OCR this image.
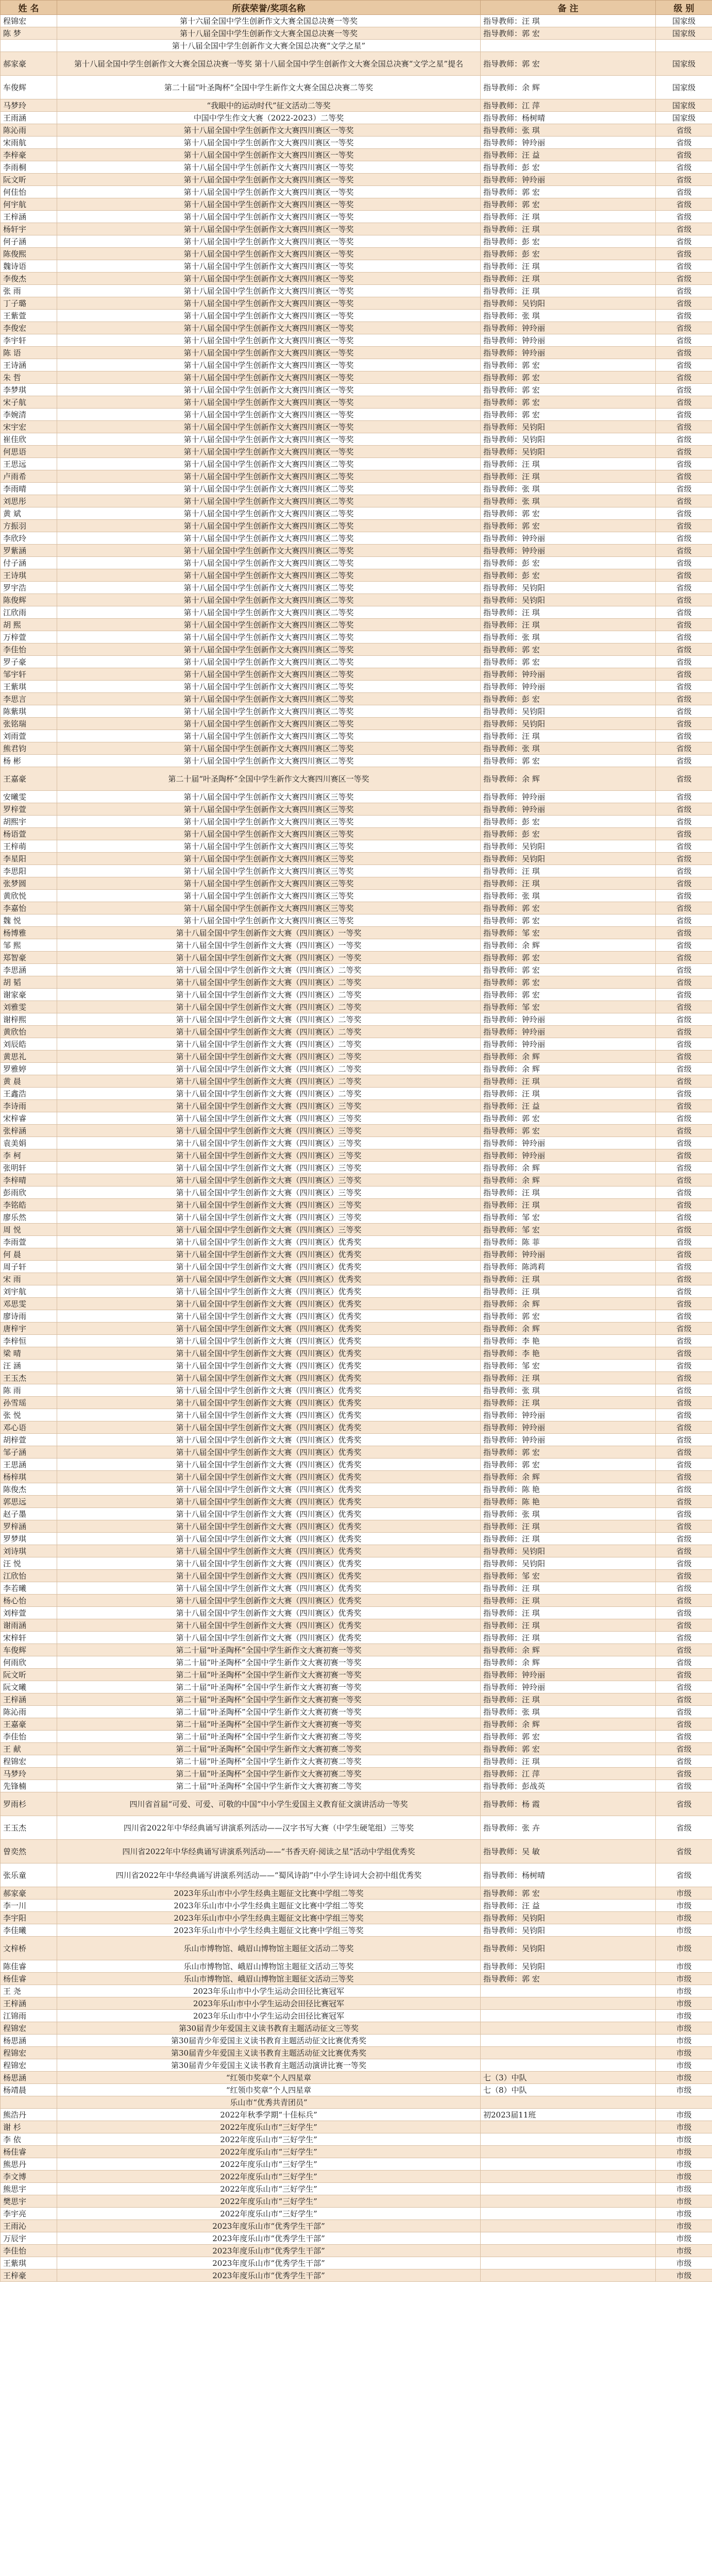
姓 名	所获荣誉/奖项名称	备 注	级 别
程锦宏	第十六届全国中学生创新作文大赛全国总决赛一等奖	指导教师：汪 琪	国家级
陈 梦	第十八届全国中学生创新作文大赛全国总决赛一等奖	指导教师：郭 宏	国家级
	第十八届全国中学生创新作文大赛全国总决赛“文学之星”		
郝家豪	第十八届全国中学生创新作文大赛全国总决赛一等奖 第十八届全国中学生创新作文大赛全国总决赛“文学之星”提名	指导教师：郭 宏	国家级
车俊辉	第二十届“叶圣陶杯”全国中学生新作文大赛全国总决赛二等奖	指导教师：余 辉	国家级
马梦玲	“我眼中的运动时代”征文活动二等奖	指导教师：江 萍	国家级
王雨涵	中国中学生作文大赛（2022-2023）二等奖	指导教师：杨树晴	国家级
陈沁雨	第十八届全国中学生创新作文大赛四川赛区一等奖	指导教师：张 琪	省级
宋雨航	第十八届全国中学生创新作文大赛四川赛区一等奖	指导教师：钟玲丽	省级
李梓豪	第十八届全国中学生创新作文大赛四川赛区一等奖	指导教师：汪 益	省级
李雨桐	第十八届全国中学生创新作文大赛四川赛区一等奖	指导教师：彭 宏	省级
阮文昕	第十八届全国中学生创新作文大赛四川赛区一等奖	指导教师：钟玲丽	省级
何佳怡	第十八届全国中学生创新作文大赛四川赛区一等奖	指导教师：郭 宏	省级
何宇航	第十八届全国中学生创新作文大赛四川赛区一等奖	指导教师：郭 宏	省级
王梓涵	第十八届全国中学生创新作文大赛四川赛区一等奖	指导教师：汪 琪	省级
杨轩宇	第十八届全国中学生创新作文大赛四川赛区一等奖	指导教师：汪 琪	省级
何子涵	第十八届全国中学生创新作文大赛四川赛区一等奖	指导教师：彭 宏	省级
陈俊熙	第十八届全国中学生创新作文大赛四川赛区一等奖	指导教师：彭 宏	省级
魏诗语	第十八届全国中学生创新作文大赛四川赛区一等奖	指导教师：汪 琪	省级
李俊杰	第十八届全国中学生创新作文大赛四川赛区一等奖	指导教师：汪 琪	省级
张 雨	第十八届全国中学生创新作文大赛四川赛区一等奖	指导教师：汪 琪	省级
丁子璐	第十八届全国中学生创新作文大赛四川赛区一等奖	指导教师：吴钧阳	省级
王紫萱	第十八届全国中学生创新作文大赛四川赛区一等奖	指导教师：张 琪	省级
李俊宏	第十八届全国中学生创新作文大赛四川赛区一等奖	指导教师：钟玲丽	省级
李宇轩	第十八届全国中学生创新作文大赛四川赛区一等奖	指导教师：钟玲丽	省级
陈 语	第十八届全国中学生创新作文大赛四川赛区一等奖	指导教师：钟玲丽	省级
王诗涵	第十八届全国中学生创新作文大赛四川赛区一等奖	指导教师：郭 宏	省级
朱 哲	第十八届全国中学生创新作文大赛四川赛区一等奖	指导教师：郭 宏	省级
李梦琪	第十八届全国中学生创新作文大赛四川赛区一等奖	指导教师：郭 宏	省级
宋子航	第十八届全国中学生创新作文大赛四川赛区一等奖	指导教师：郭 宏	省级
李婉清	第十八届全国中学生创新作文大赛四川赛区一等奖	指导教师：郭 宏	省级
宋宇宏	第十八届全国中学生创新作文大赛四川赛区一等奖	指导教师：吴钧阳	省级
崔佳欣	第十八届全国中学生创新作文大赛四川赛区一等奖	指导教师：吴钧阳	省级
何思语	第十八届全国中学生创新作文大赛四川赛区一等奖	指导教师：吴钧阳	省级
王思远	第十八届全国中学生创新作文大赛四川赛区二等奖	指导教师：汪 琪	省级
卢雨希	第十八届全国中学生创新作文大赛四川赛区二等奖	指导教师：汪 琪	省级
李雨晴	第十八届全国中学生创新作文大赛四川赛区二等奖	指导教师：张 琪	省级
刘思彤	第十八届全国中学生创新作文大赛四川赛区二等奖	指导教师：张 琪	省级
黄 斌	第十八届全国中学生创新作文大赛四川赛区二等奖	指导教师：郭 宏	省级
方振羽	第十八届全国中学生创新作文大赛四川赛区二等奖	指导教师：郭 宏	省级
李欣玲	第十八届全国中学生创新作文大赛四川赛区二等奖	指导教师：钟玲丽	省级
罗紫涵	第十八届全国中学生创新作文大赛四川赛区二等奖	指导教师：钟玲丽	省级
付子涵	第十八届全国中学生创新作文大赛四川赛区二等奖	指导教师：彭 宏	省级
王诗琪	第十八届全国中学生创新作文大赛四川赛区二等奖	指导教师：彭 宏	省级
罗宇浩	第十八届全国中学生创新作文大赛四川赛区二等奖	指导教师：吴钧阳	省级
陈俊辉	第十八届全国中学生创新作文大赛四川赛区二等奖	指导教师：吴钧阳	省级
江欣雨	第十八届全国中学生创新作文大赛四川赛区二等奖	指导教师：汪 琪	省级
胡 熙	第十八届全国中学生创新作文大赛四川赛区二等奖	指导教师：汪 琪	省级
万梓萱	第十八届全国中学生创新作文大赛四川赛区二等奖	指导教师：张 琪	省级
李佳怡	第十八届全国中学生创新作文大赛四川赛区二等奖	指导教师：郭 宏	省级
罗子豪	第十八届全国中学生创新作文大赛四川赛区二等奖	指导教师：郭 宏	省级
邹宇轩	第十八届全国中学生创新作文大赛四川赛区二等奖	指导教师：钟玲丽	省级
王紫琪	第十八届全国中学生创新作文大赛四川赛区二等奖	指导教师：钟玲丽	省级
李思言	第十八届全国中学生创新作文大赛四川赛区二等奖	指导教师：彭 宏	省级
陈紫琪	第十八届全国中学生创新作文大赛四川赛区二等奖	指导教师：吴钧阳	省级
张铭瑞	第十八届全国中学生创新作文大赛四川赛区二等奖	指导教师：吴钧阳	省级
刘雨萱	第十八届全国中学生创新作文大赛四川赛区二等奖	指导教师：汪 琪	省级
熊君钧	第十八届全国中学生创新作文大赛四川赛区二等奖	指导教师：张 琪	省级
杨 彬	第十八届全国中学生创新作文大赛四川赛区二等奖	指导教师：郭 宏	省级
王嘉豪	第二十届“叶圣陶杯”全国中学生新作文大赛四川赛区一等奖	指导教师：余 辉	省级
安曦雯	第十八届全国中学生创新作文大赛四川赛区三等奖	指导教师：钟玲丽	省级
罗梓萱	第十八届全国中学生创新作文大赛四川赛区三等奖	指导教师：钟玲丽	省级
胡熙宇	第十八届全国中学生创新作文大赛四川赛区三等奖	指导教师：彭 宏	省级
杨语萱	第十八届全国中学生创新作文大赛四川赛区三等奖	指导教师：彭 宏	省级
王梓萌	第十八届全国中学生创新作文大赛四川赛区三等奖	指导教师：吴钧阳	省级
李星阳	第十八届全国中学生创新作文大赛四川赛区三等奖	指导教师：吴钧阳	省级
李思阳	第十八届全国中学生创新作文大赛四川赛区三等奖	指导教师：汪 琪	省级
张梦圆	第十八届全国中学生创新作文大赛四川赛区三等奖	指导教师：汪 琪	省级
黄欣悦	第十八届全国中学生创新作文大赛四川赛区三等奖	指导教师：张 琪	省级
李嘉怡	第十八届全国中学生创新作文大赛四川赛区三等奖	指导教师：郭 宏	省级
魏 悦	第十八届全国中学生创新作文大赛四川赛区三等奖	指导教师：郭 宏	省级
杨博雅	第十八届全国中学生创新作文大赛（四川赛区）一等奖	指导教师：邹 宏	省级
邹 熙	第十八届全国中学生创新作文大赛（四川赛区）一等奖	指导教师：余 辉	省级
郑智豪	第十八届全国中学生创新作文大赛（四川赛区）一等奖	指导教师：郭 宏	省级
李思涵	第十八届全国中学生创新作文大赛（四川赛区）二等奖	指导教师：郭 宏	省级
胡 韬	第十八届全国中学生创新作文大赛（四川赛区）二等奖	指导教师：郭 宏	省级
谢家豪	第十八届全国中学生创新作文大赛（四川赛区）二等奖	指导教师：郭 宏	省级
刘雅雯	第十八届全国中学生创新作文大赛（四川赛区）二等奖	指导教师：邹 宏	省级
谢梓熙	第十八届全国中学生创新作文大赛（四川赛区）二等奖	指导教师：钟玲丽	省级
黄欣怡	第十八届全国中学生创新作文大赛（四川赛区）二等奖	指导教师：钟玲丽	省级
刘辰皓	第十八届全国中学生创新作文大赛（四川赛区）二等奖	指导教师：钟玲丽	省级
黄思礼	第十八届全国中学生创新作文大赛（四川赛区）二等奖	指导教师：余 辉	省级
罗雅婷	第十八届全国中学生创新作文大赛（四川赛区）二等奖	指导教师：余 辉	省级
黄 晨	第十八届全国中学生创新作文大赛（四川赛区）二等奖	指导教师：汪 琪	省级
王鑫浩	第十八届全国中学生创新作文大赛（四川赛区）二等奖	指导教师：汪 琪	省级
李诗雨	第十八届全国中学生创新作文大赛（四川赛区）三等奖	指导教师：汪 益	省级
宋梓睿	第十八届全国中学生创新作文大赛（四川赛区）三等奖	指导教师：郭 宏	省级
张梓涵	第十八届全国中学生创新作文大赛（四川赛区）三等奖	指导教师：郭 宏	省级
袁美娟	第十八届全国中学生创新作文大赛（四川赛区）三等奖	指导教师：钟玲丽	省级
李 柯	第十八届全国中学生创新作文大赛（四川赛区）三等奖	指导教师：钟玲丽	省级
张明轩	第十八届全国中学生创新作文大赛（四川赛区）三等奖	指导教师：余 辉	省级
李梓晴	第十八届全国中学生创新作文大赛（四川赛区）三等奖	指导教师：余 辉	省级
彭雨欣	第十八届全国中学生创新作文大赛（四川赛区）三等奖	指导教师：汪 琪	省级
李铭皓	第十八届全国中学生创新作文大赛（四川赛区）三等奖	指导教师：汪 琪	省级
廖乐然	第十八届全国中学生创新作文大赛（四川赛区）三等奖	指导教师：邹 宏	省级
周 悦	第十八届全国中学生创新作文大赛（四川赛区）三等奖	指导教师：邹 宏	省级
李雨萱	第十八届全国中学生创新作文大赛（四川赛区）优秀奖	指导教师：陈 菲	省级
何 晨	第十八届全国中学生创新作文大赛（四川赛区）优秀奖	指导教师：钟玲丽	省级
周子轩	第十八届全国中学生创新作文大赛（四川赛区）优秀奖	指导教师：陈鸿莉	省级
宋 雨	第十八届全国中学生创新作文大赛（四川赛区）优秀奖	指导教师：汪 琪	省级
刘宇航	第十八届全国中学生创新作文大赛（四川赛区）优秀奖	指导教师：汪 琪	省级
邓思雯	第十八届全国中学生创新作文大赛（四川赛区）优秀奖	指导教师：余 辉	省级
廖诗雨	第十八届全国中学生创新作文大赛（四川赛区）优秀奖	指导教师：郭 宏	省级
唐梓宇	第十八届全国中学生创新作文大赛（四川赛区）优秀奖	指导教师：余 辉	省级
李梓恒	第十八届全国中学生创新作文大赛（四川赛区）优秀奖	指导教师：李 艳	省级
梁 晴	第十八届全国中学生创新作文大赛（四川赛区）优秀奖	指导教师：李 艳	省级
汪 涵	第十八届全国中学生创新作文大赛（四川赛区）优秀奖	指导教师：邹 宏	省级
王玉杰	第十八届全国中学生创新作文大赛（四川赛区）优秀奖	指导教师：汪 琪	省级
陈 雨	第十八届全国中学生创新作文大赛（四川赛区）优秀奖	指导教师：张 琪	省级
孙雪瑶	第十八届全国中学生创新作文大赛（四川赛区）优秀奖	指导教师：汪 琪	省级
张 悦	第十八届全国中学生创新作文大赛（四川赛区）优秀奖	指导教师：钟玲丽	省级
邓心语	第十八届全国中学生创新作文大赛（四川赛区）优秀奖	指导教师：钟玲丽	省级
胡梓萱	第十八届全国中学生创新作文大赛（四川赛区）优秀奖	指导教师：钟玲丽	省级
邹子涵	第十八届全国中学生创新作文大赛（四川赛区）优秀奖	指导教师：郭 宏	省级
王思涵	第十八届全国中学生创新作文大赛（四川赛区）优秀奖	指导教师：郭 宏	省级
杨梓琪	第十八届全国中学生创新作文大赛（四川赛区）优秀奖	指导教师：余 辉	省级
陈俊杰	第十八届全国中学生创新作文大赛（四川赛区）优秀奖	指导教师：陈 艳	省级
郭思远	第十八届全国中学生创新作文大赛（四川赛区）优秀奖	指导教师：陈 艳	省级
赵子墨	第十八届全国中学生创新作文大赛（四川赛区）优秀奖	指导教师：张 琪	省级
罗梓涵	第十八届全国中学生创新作文大赛（四川赛区）优秀奖	指导教师：汪 琪	省级
罗梦琪	第十八届全国中学生创新作文大赛（四川赛区）优秀奖	指导教师：汪 琪	省级
刘诗琪	第十八届全国中学生创新作文大赛（四川赛区）优秀奖	指导教师：吴钧阳	省级
汪 悦	第十八届全国中学生创新作文大赛（四川赛区）优秀奖	指导教师：吴钧阳	省级
江欣怡	第十八届全国中学生创新作文大赛（四川赛区）优秀奖	指导教师：邹 宏	省级
李若曦	第十八届全国中学生创新作文大赛（四川赛区）优秀奖	指导教师：汪 琪	省级
杨心怡	第十八届全国中学生创新作文大赛（四川赛区）优秀奖	指导教师：汪 琪	省级
刘梓萱	第十八届全国中学生创新作文大赛（四川赛区）优秀奖	指导教师：汪 琪	省级
谢雨涵	第十八届全国中学生创新作文大赛（四川赛区）优秀奖	指导教师：汪 琪	省级
宋梓轩	第十八届全国中学生创新作文大赛（四川赛区）优秀奖	指导教师：汪 琪	省级
车俊辉	第二十届“叶圣陶杯”全国中学生新作文大赛初赛一等奖	指导教师：余 辉	省级
何雨欣	第二十届“叶圣陶杯”全国中学生新作文大赛初赛一等奖	指导教师：余 辉	省级
阮文昕	第二十届“叶圣陶杯”全国中学生新作文大赛初赛一等奖	指导教师：钟玲丽	省级
阮文曦	第二十届“叶圣陶杯”全国中学生新作文大赛初赛一等奖	指导教师：钟玲丽	省级
王梓涵	第二十届“叶圣陶杯”全国中学生新作文大赛初赛一等奖	指导教师：汪 琪	省级
陈沁雨	第二十届“叶圣陶杯”全国中学生新作文大赛初赛一等奖	指导教师：张 琪	省级
王嘉豪	第二十届“叶圣陶杯”全国中学生新作文大赛初赛一等奖	指导教师：余 辉	省级
李佳怡	第二十届“叶圣陶杯”全国中学生新作文大赛初赛二等奖	指导教师：郭 宏	省级
王 献	第二十届“叶圣陶杯”全国中学生新作文大赛初赛二等奖	指导教师：郭 宏	省级
程锦宏	第二十届“叶圣陶杯”全国中学生新作文大赛初赛二等奖	指导教师：汪 琪	省级
马梦玲	第二十届“叶圣陶杯”全国中学生新作文大赛初赛二等奖	指导教师：江 萍	省级
先锋楠	第二十届“叶圣陶杯”全国中学生新作文大赛初赛二等奖	指导教师：彭战英	省级
罗雨杉	四川省首届“可爱、可爱、可敬的中国”中小学生爱国主义教育征文演讲活动一等奖	指导教师：杨 霞	省级
王玉杰	四川省2022年中华经典诵写讲演系列活动——汉字书写大赛（中学生硬笔组）三等奖	指导教师：张 卉	省级
曾奕然	四川省2022年中华经典诵写讲演系列活动——“书香天府·阅读之星”活动中学组优秀奖	指导教师：吴 敏	省级
张乐童	四川省2022年中华经典诵写讲演系列活动——“蜀风诗韵”中小学生诗词大会初中组优秀奖	指导教师：杨树晴	省级
郝家豪	2023年乐山市中小学生经典主题征文比赛中学组二等奖	指导教师：郭 宏	市级
李一川	2023年乐山市中小学生经典主题征文比赛中学组二等奖	指导教师：汪 益	市级
李宇阳	2023年乐山市中小学生经典主题征文比赛中学组三等奖	指导教师：吴钧阳	市级
李佳曦	2023年乐山市中小学生经典主题征文比赛中学组三等奖	指导教师：吴钧阳	市级
文梓桥	乐山市博物馆、峨眉山博物馆主题征文活动二等奖	指导教师：吴钧阳	市级
陈佳睿	乐山市博物馆、峨眉山博物馆主题征文活动三等奖	指导教师：吴钧阳	市级
杨佳睿	乐山市博物馆、峨眉山博物馆主题征文活动三等奖	指导教师：郭 宏	市级
王 尧	2023年乐山市中小学生运动会田径比赛冠军		市级
王梓涵	2023年乐山市中小学生运动会田径比赛冠军		市级
江锦雨	2023年乐山市中小学生运动会田径比赛冠军		市级
程锦宏	第30届青少年爱国主义读书教育主题活动征文三等奖		市级
杨思涵	第30届青少年爱国主义读书教育主题活动征文比赛优秀奖		市级
程锦宏	第30届青少年爱国主义读书教育主题活动征文比赛优秀奖		市级
程锦宏	第30届青少年爱国主义读书教育主题活动演讲比赛一等奖		市级
杨思涵	“红领巾奖章”个人四星章	七（3）中队	市级
杨靖晨	“红领巾奖章”个人四星章	七（8）中队	市级
	乐山市“优秀共青团员”		
熊浩丹	2022年秋季学期“十佳标兵”	初2023届11班	市级
谢 杉	2022年度乐山市“三好学生”		市级
李 依	2022年度乐山市“三好学生”		市级
杨佳睿	2022年度乐山市“三好学生”		市级
熊思丹	2022年度乐山市“三好学生”		市级
李文博	2022年度乐山市“三好学生”		市级
熊思宇	2022年度乐山市“三好学生”		市级
樊思宇	2022年度乐山市“三好学生”		市级
李宇亮	2022年度乐山市“三好学生”		市级
王雨沁	2023年度乐山市“优秀学生干部”		市级
万辰宇	2023年度乐山市“优秀学生干部”		市级
李佳怡	2023年度乐山市“优秀学生干部”		市级
王紫琪	2023年度乐山市“优秀学生干部”		市级
王梓豪	2023年度乐山市“优秀学生干部”		市级
